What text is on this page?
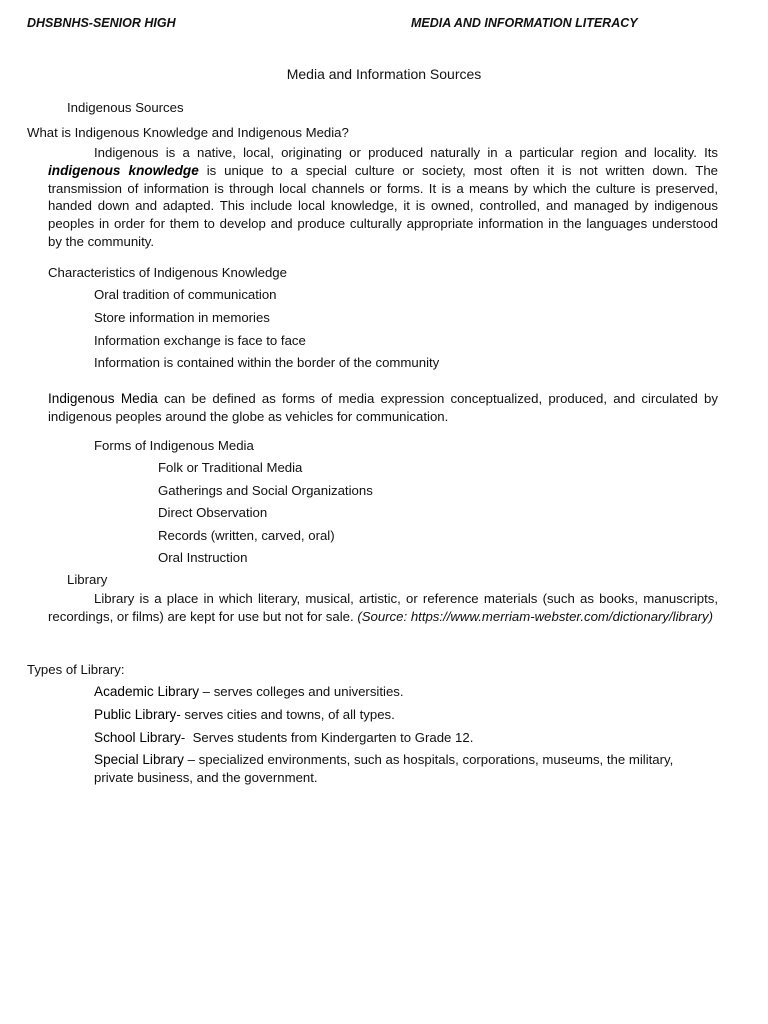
DHSBNHS-SENIOR HIGH	MEDIA AND INFORMATION LITERACY
Media and Information Sources
Indigenous Sources
What is Indigenous Knowledge and Indigenous Media?

Indigenous is a native, local, originating or produced naturally in a particular region and locality. Its indigenous knowledge is unique to a special culture or society, most often it is not written down. The transmission of information is through local channels or forms. It is a means by which the culture is preserved, handed down and adapted. This include local knowledge, it is owned, controlled, and managed by indigenous peoples in order for them to develop and produce culturally appropriate information in the languages understood by the community.

Characteristics of Indigenous Knowledge
Oral tradition of communication
Store information in memories
Information exchange is face to face
Information is contained within the border of the community

Indigenous Media can be defined as forms of media expression conceptualized, produced, and circulated by indigenous peoples around the globe as vehicles for communication.

Forms of Indigenous Media
Folk or Traditional Media
Gatherings and Social Organizations
Direct Observation
Records (written, carved, oral)
Oral Instruction
Library

Library is a place in which literary, musical, artistic, or reference materials (such as books, manuscripts, recordings, or films) are kept for use but not for sale. (Source: https://www.merriam-webster.com/dictionary/library)

Types of Library:
Academic Library – serves colleges and universities.
Public Library- serves cities and towns, of all types.
School Library-  Serves students from Kindergarten to Grade 12.

Special Library – specialized environments, such as hospitals, corporations, museums, the military, private business, and the government.
